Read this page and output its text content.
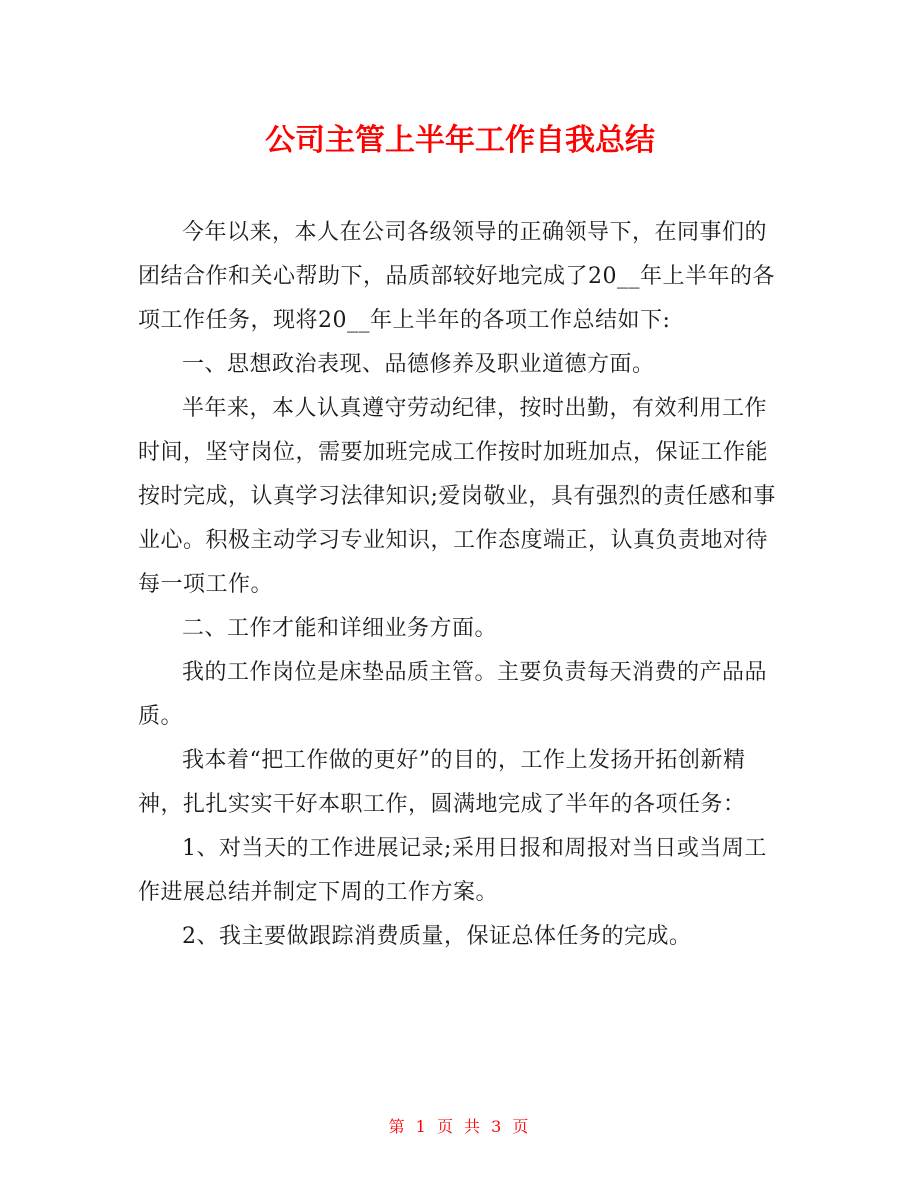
公司主管上半年工作自我总结

今年以来，本人在公司各级领导的正确领导下，在同事们的团结合作和关心帮助下，品质部较好地完成了20__年上半年的各项工作任务，现将20__年上半年的各项工作总结如下:

一、思想政治表现、品德修养及职业道德方面。

半年来，本人认真遵守劳动纪律，按时出勤，有效利用工作时间，坚守岗位，需要加班完成工作按时加班加点，保证工作能按时完成，认真学习法律知识;爱岗敬业，具有强烈的责任感和事业心。积极主动学习专业知识，工作态度端正，认真负责地对待每一项工作。

二、工作才能和详细业务方面。

我的工作岗位是床垫品质主管。主要负责每天消费的产品品质。

我本着“把工作做的更好”的目的，工作上发扬开拓创新精神，扎扎实实干好本职工作，圆满地完成了半年的各项任务：

1、对当天的工作进展记录;采用日报和周报对当日或当周工作进展总结并制定下周的工作方案。

2、我主要做跟踪消费质量，保证总体任务的完成。

第 1 页 共 3 页
